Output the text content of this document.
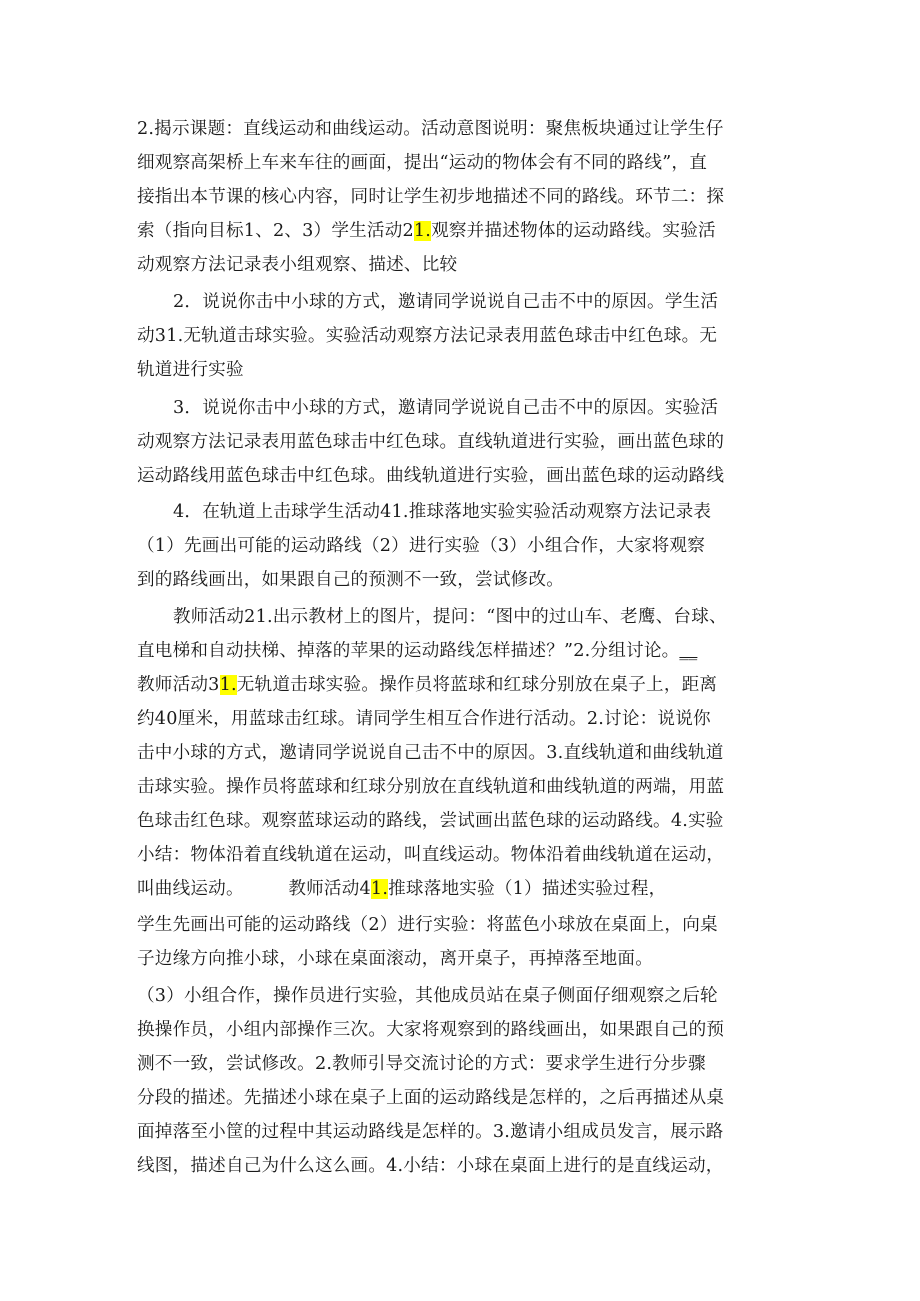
2.揭示课题：直线运动和曲线运动。活动意图说明：聚焦板块通过让学生仔
细观察高架桥上车来车往的画面，提出“运动的物体会有不同的路线”，直
接指出本节课的核心内容，同时让学生初步地描述不同的路线。环节二：探
索（指向目标1、2、3）学生活动21.观察并描述物体的运动路线。实验活
动观察方法记录表小组观察、描述、比较
2．说说你击中小球的方式，邀请同学说说自己击不中的原因。学生活
动31.无轨道击球实验。实验活动观察方法记录表用蓝色球击中红色球。无
轨道进行实验
3．说说你击中小球的方式，邀请同学说说自己击不中的原因。实验活
动观察方法记录表用蓝色球击中红色球。直线轨道进行实验，画出蓝色球的
运动路线用蓝色球击中红色球。曲线轨道进行实验，画出蓝色球的运动路线
4．在轨道上击球学生活动41.推球落地实验实验活动观察方法记录表
（1）先画出可能的运动路线（2）进行实验（3）小组合作，大家将观察
到的路线画出，如果跟自己的预测不一致，尝试修改。
教师活动21.出示教材上的图片，提问：“图中的过山车、老鹰、台球、
直电梯和自动扶梯、掉落的苹果的运动路线怎样描述？”2.分组讨论。__
教师活动31.无轨道击球实验。操作员将蓝球和红球分别放在桌子上，距离
约40厘米，用蓝球击红球。请同学生相互合作进行活动。2.讨论：说说你
击中小球的方式，邀请同学说说自己击不中的原因。3.直线轨道和曲线轨道
击球实验。操作员将蓝球和红球分别放在直线轨道和曲线轨道的两端，用蓝
色球击红色球。观察蓝球运动的路线，尝试画出蓝色球的运动路线。4.实验
小结：物体沿着直线轨道在运动，叫直线运动。物体沿着曲线轨道在运动，
叫曲线运动。　　　教师活动41.推球落地实验（1）描述实验过程，
学生先画出可能的运动路线（2）进行实验：将蓝色小球放在桌面上，向桌
子边缘方向推小球，小球在桌面滚动，离开桌子，再掉落至地面。
（3）小组合作，操作员进行实验，其他成员站在桌子侧面仔细观察之后轮
换操作员，小组内部操作三次。大家将观察到的路线画出，如果跟自己的预
测不一致，尝试修改。2.教师引导交流讨论的方式：要求学生进行分步骤
分段的描述。先描述小球在桌子上面的运动路线是怎样的，之后再描述从桌
面掉落至小筐的过程中其运动路线是怎样的。3.邀请小组成员发言，展示路
线图，描述自己为什么这么画。4.小结：小球在桌面上进行的是直线运动，
